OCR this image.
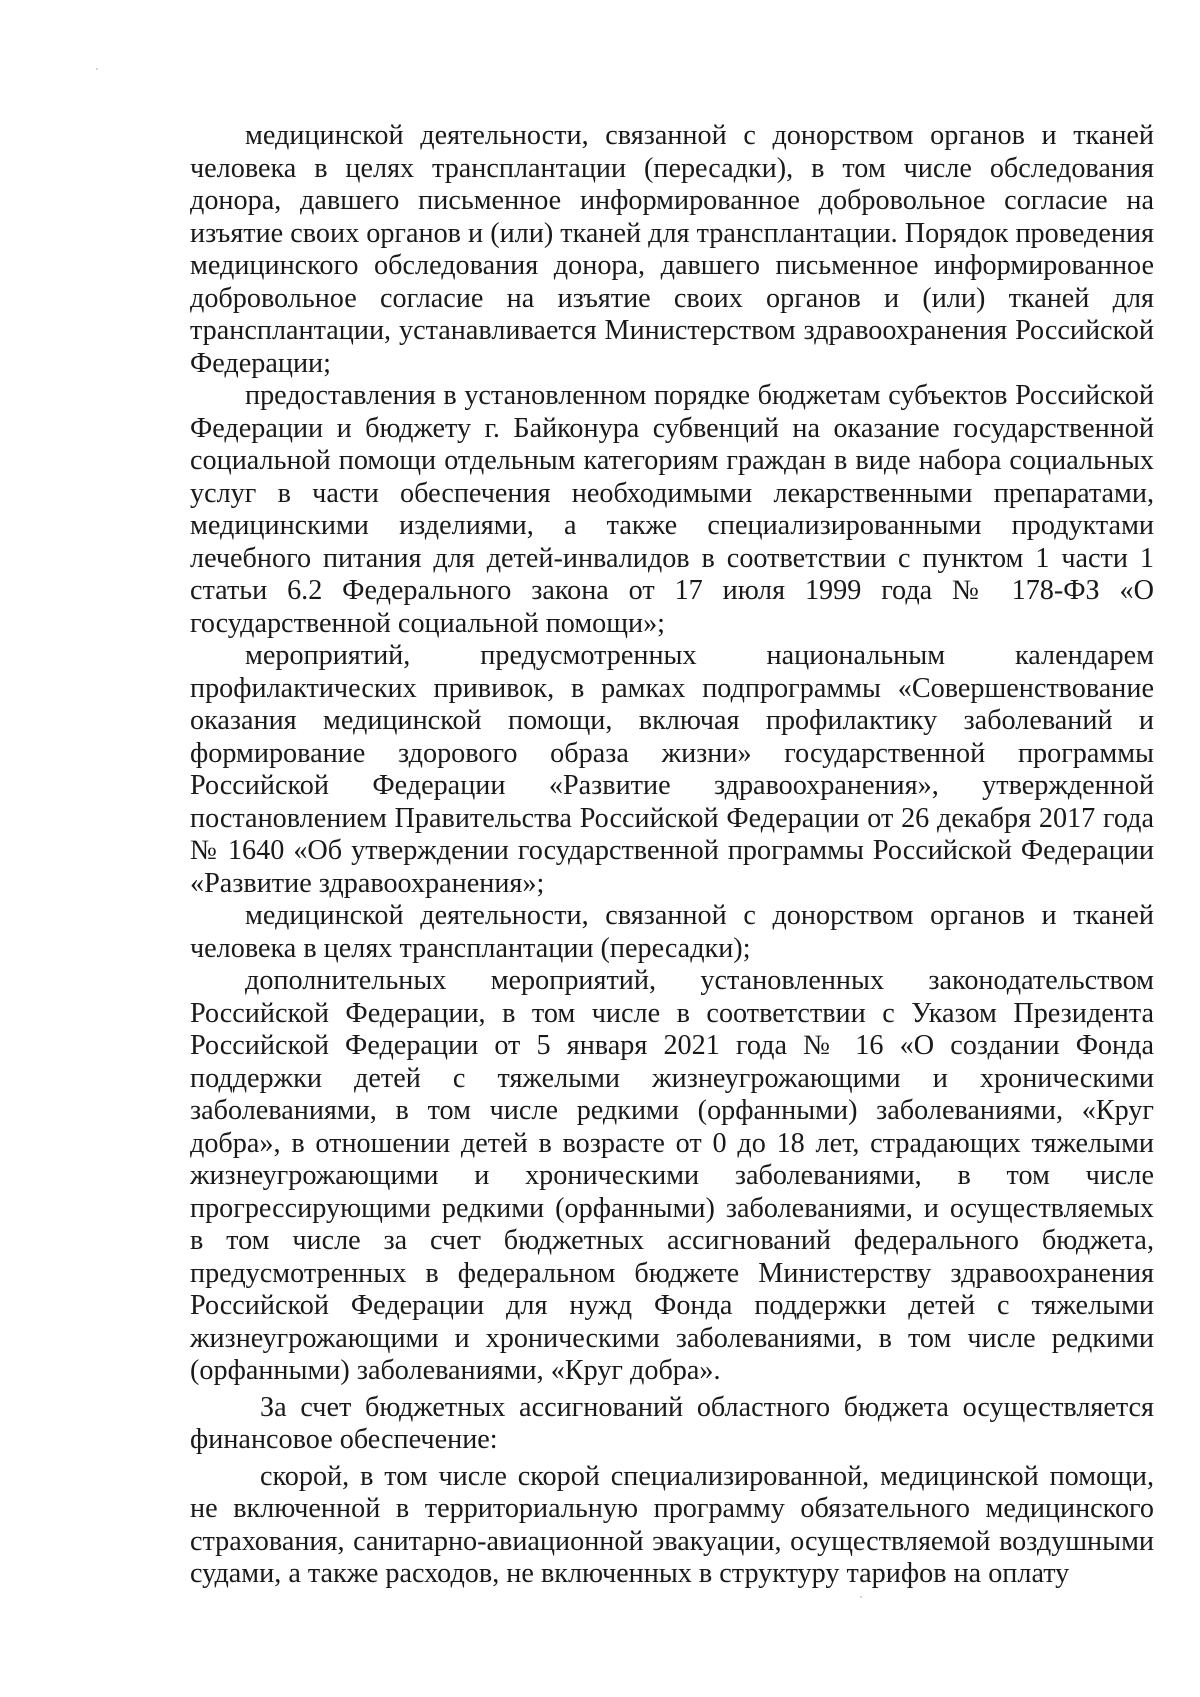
медицинской деятельности, связанной с донорством органов и тканей человека в целях трансплантации (пересадки), в том числе обследования донора, давшего письменное информированное добровольное согласие на изъятие своих органов и (или) тканей для трансплантации. Порядок проведения медицинского обследования донора, давшего письменное информированное добровольное согласие на изъятие своих органов и (или) тканей для трансплантации, устанавливается Министерством здравоохранения Российской Федерации;

предоставления в установленном порядке бюджетам субъектов Российской Федерации и бюджету г. Байконура субвенций на оказание государственной социальной помощи отдельным категориям граждан в виде набора социальных услуг в части обеспечения необходимыми лекарственными препаратами, медицинскими изделиями, а также специализированными продуктами лечебного питания для детей-инвалидов в соответствии с пунктом 1 части 1 статьи 6.2 Федерального закона от 17 июля 1999 года № 178-ФЗ «О государственной социальной помощи»;

мероприятий, предусмотренных национальным календарем профилактических прививок, в рамках подпрограммы «Совершенствование оказания медицинской помощи, включая профилактику заболеваний и формирование здорового образа жизни» государственной программы Российской Федерации «Развитие здравоохранения», утвержденной постановлением Правительства Российской Федерации от 26 декабря 2017 года № 1640 «Об утверждении государственной программы Российской Федерации «Развитие здравоохранения»;

медицинской деятельности, связанной с донорством органов и тканей человека в целях трансплантации (пересадки);

дополнительных мероприятий, установленных законодательством Российской Федерации, в том числе в соответствии с Указом Президента Российской Федерации от 5 января 2021 года № 16 «О создании Фонда поддержки детей с тяжелыми жизнеугрожающими и хроническими заболеваниями, в том числе редкими (орфанными) заболеваниями, «Круг добра», в отношении детей в возрасте от 0 до 18 лет, страдающих тяжелыми жизнеугрожающими и хроническими заболеваниями, в том числе прогрессирующими редкими (орфанными) заболеваниями, и осуществляемых в том числе за счет бюджетных ассигнований федерального бюджета, предусмотренных в федеральном бюджете Министерству здравоохранения Российской Федерации для нужд Фонда поддержки детей с тяжелыми жизнеугрожающими и хроническими заболеваниями, в том числе редкими (орфанными) заболеваниями, «Круг добра».

За счет бюджетных ассигнований областного бюджета осуществляется финансовое обеспечение:

скорой, в том числе скорой специализированной, медицинской помощи, не включенной в территориальную программу обязательного медицинского страхования, санитарно-авиационной эвакуации, осуществляемой воздушными судами, а также расходов, не включенных в структуру тарифов на оплату
